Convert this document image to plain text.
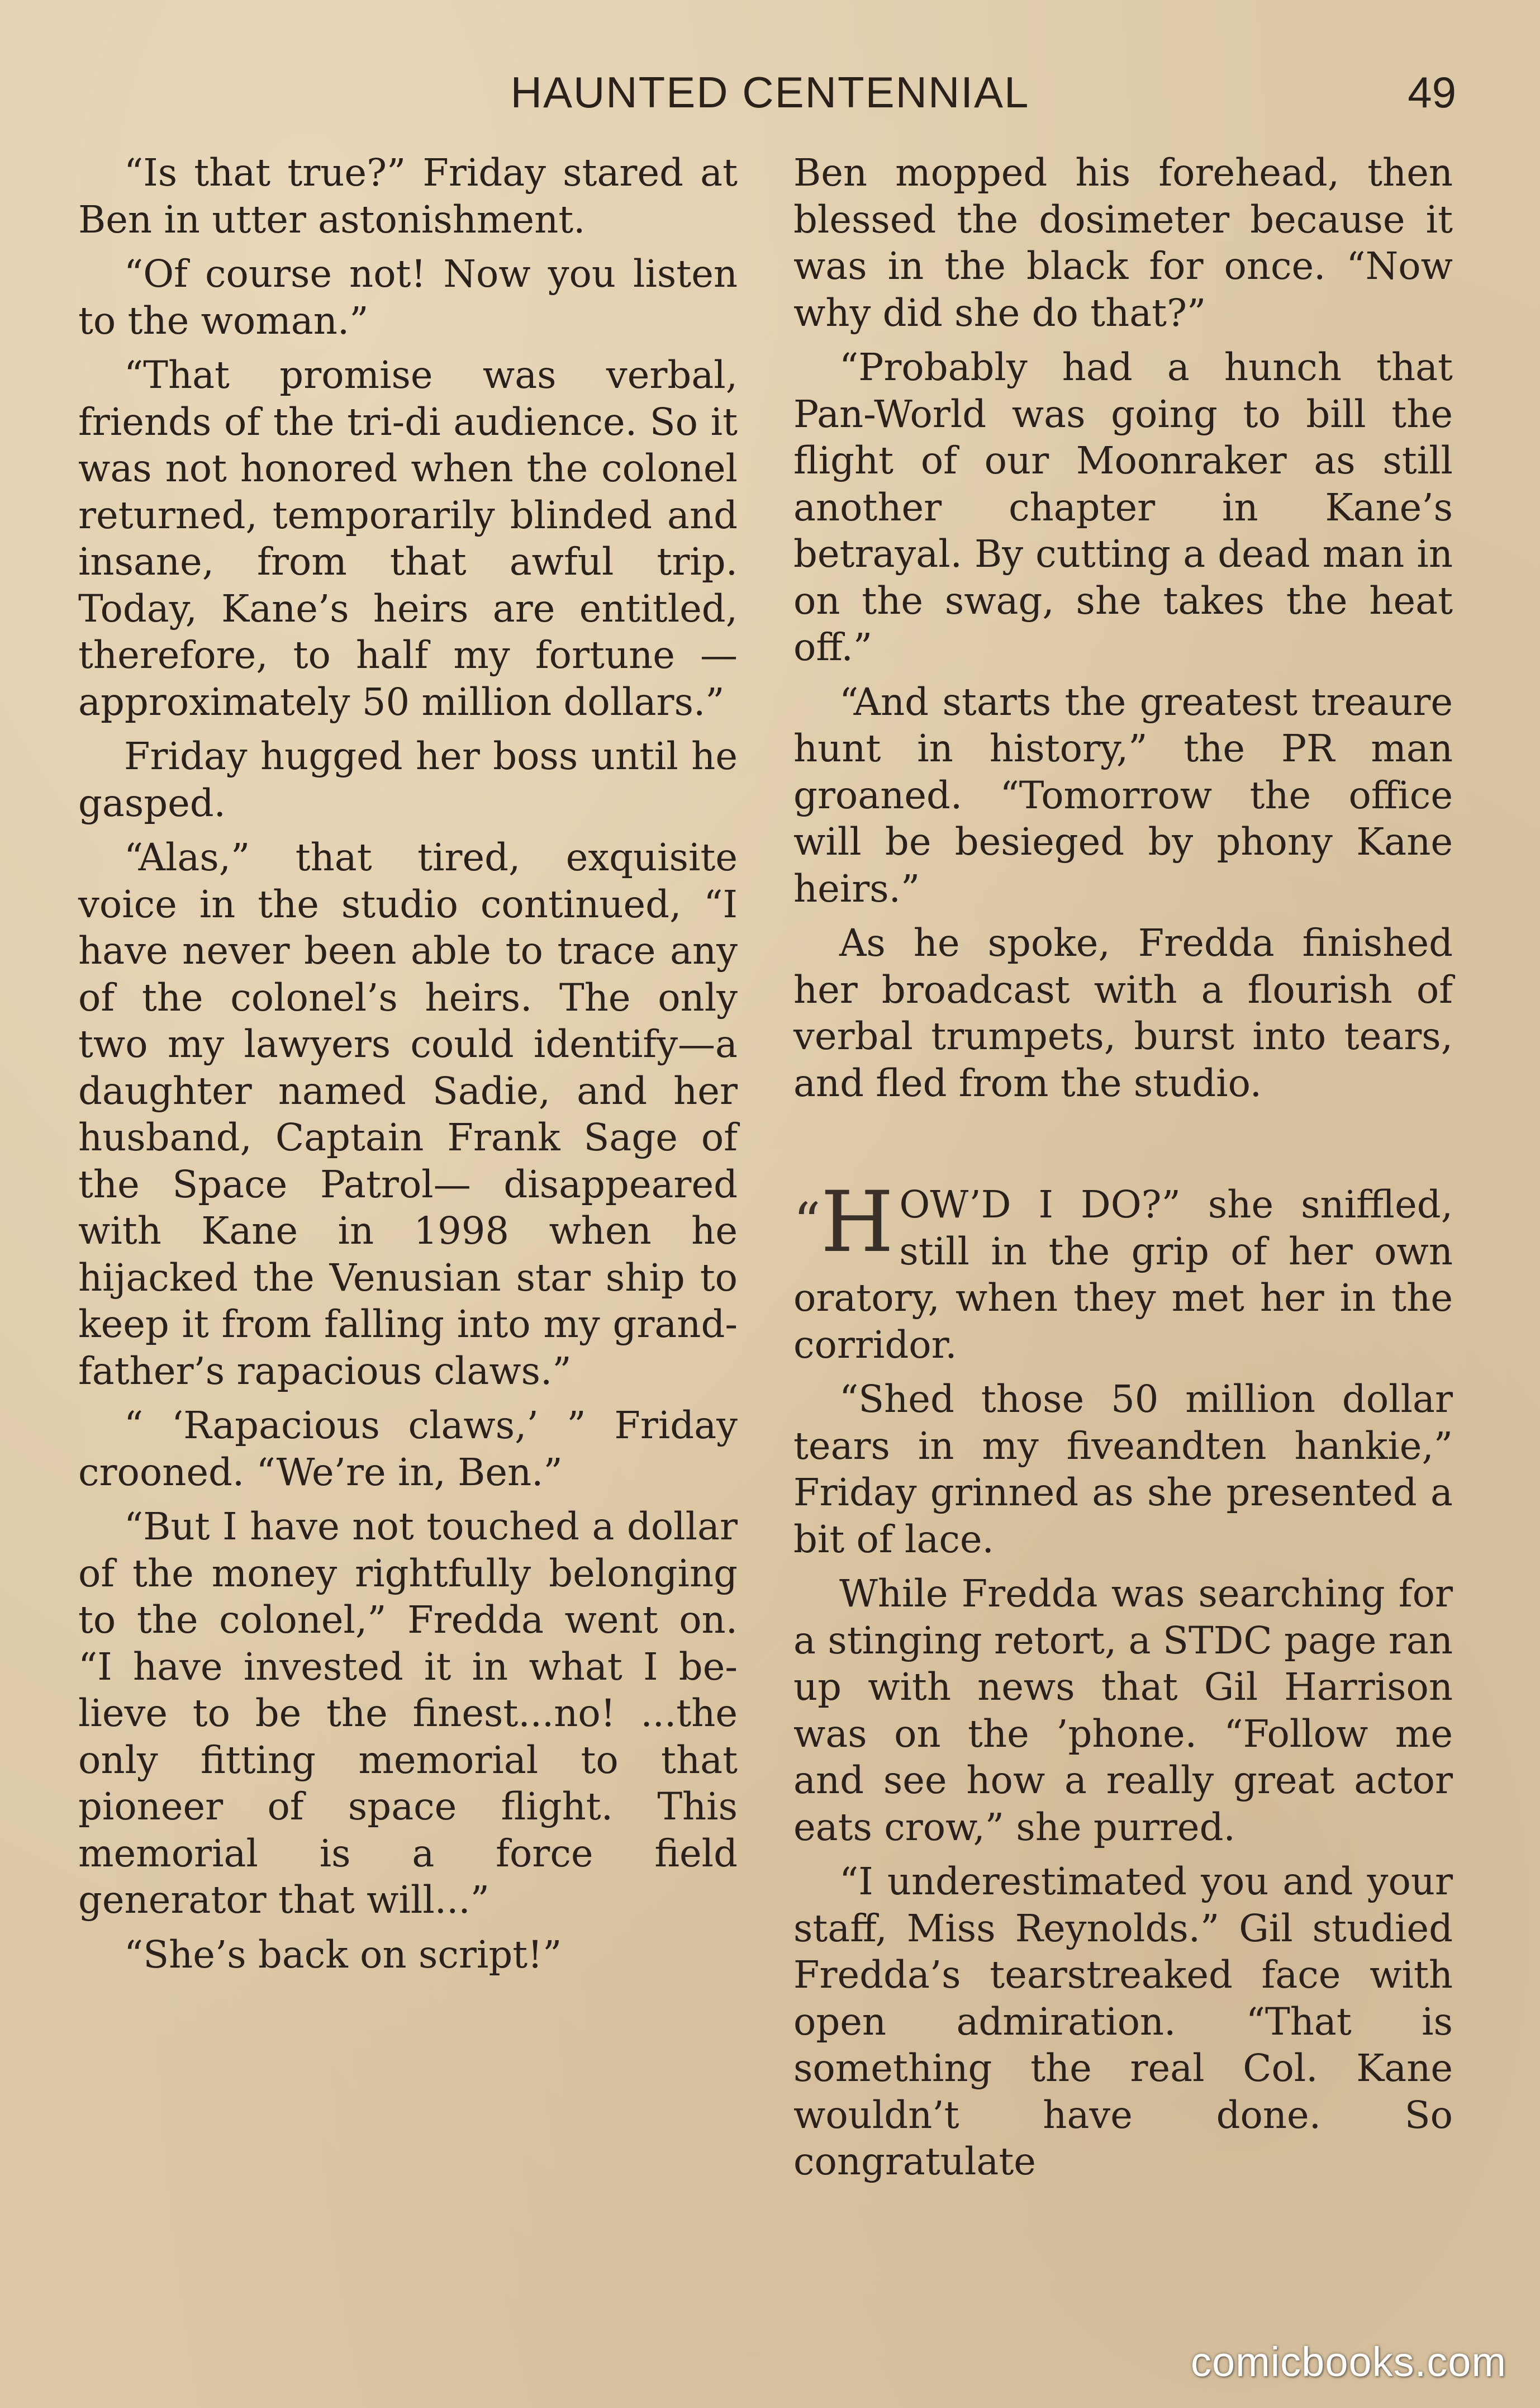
HAUNTED CENTENNIAL	49

“Is that true?” Friday stared at Ben in utter astonishment.

“Of course not! Now you listen to the woman.”

“That promise was verbal, friends of the tri-di audience. So it was not honored when the colonel returned, temporarily blinded and insane, from that awful trip. Today, Kane’s heirs are entitled, therefore, to half my fortune —approximately 50 million dollars.”

Friday hugged her boss until he gasped.

“Alas,” that tired, exquisite voice in the studio continued, “I have never been able to trace any of the colonel’s heirs. The only two my lawyers could identify—a daughter named Sadie, and her husband, Captain Frank Sage of the Space Patrol— disappeared with Kane in 1998 when he hijacked the Venusian star ship to keep it from falling into my grandfather’s rapacious claws.”

“ ‘Rapacious claws,’ ” Friday crooned. “We’re in, Ben.”

“But I have not touched a dollar of the money rightfully belonging to the colonel,” Fredda went on. “I have invested it in what I believe to be the finest...no! ...the only fitting memorial to that pioneer of space flight. This memorial is a force field generator that will...”

“She’s back on script!”

Ben mopped his forehead, then blessed the dosimeter because it was in the black for once. “Now why did she do that?”

“Probably had a hunch that Pan-World was going to bill the flight of our Moonraker as still another chapter in Kane’s betrayal. By cutting a dead man in on the swag, she takes the heat off.”

“And starts the greatest treaure hunt in history,” the PR man groaned. “Tomorrow the office will be besieged by phony Kane heirs.”

As he spoke, Fredda finished her broadcast with a flourish of verbal trumpets, burst into tears, and fled from the studio.

“H OW’D I DO?” she sniffled, still in the grip of her own oratory, when they met her in the corridor.

“Shed those 50 million dollar tears in my fiveandten hankie,” Friday grinned as she presented a bit of lace.

While Fredda was searching for a stinging retort, a STDC page ran up with news that Gil Harrison was on the ’phone. “Follow me and see how a really great actor eats crow,” she purred.

“I underestimated you and your staff, Miss Reynolds.” Gil studied Fredda’s tearstreaked face with open admiration. “That is something the real Col. Kane wouldn’t have done. So congratulate

comicbooks.com
